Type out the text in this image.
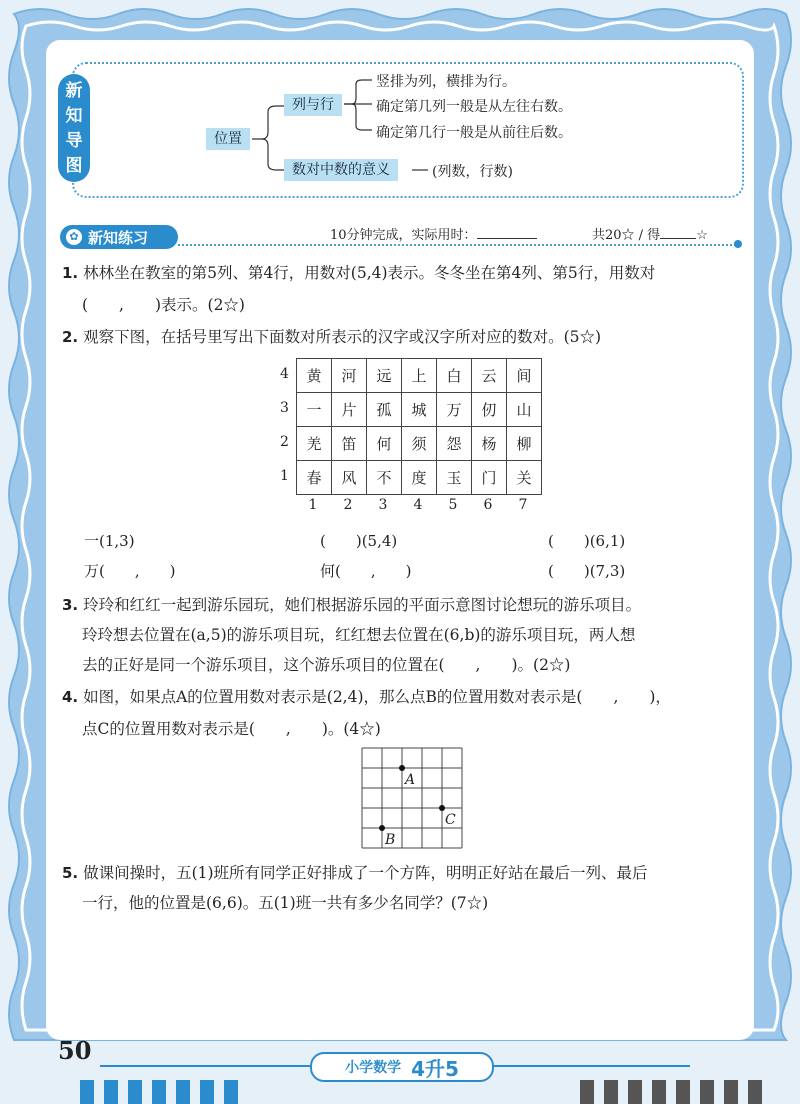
新
知
导
图
位置
列与行
数对中数的意义
竖排为列，横排为行。
确定第几列一般是从左往右数。
确定第几行一般是从前往后数。
(列数，行数)
✿ 新知练习	10分钟完成，实际用时：	共20☆ / 得	☆
1. 林林坐在教室的第5列、第4行，用数对(5,4)表示。冬冬坐在第4列、第5行，用数对
(　　,　　)表示。(2☆)
2. 观察下图，在括号里写出下面数对所表示的汉字或汉字所对应的数对。(5☆)
黄	河	远	上	白	云	间
一	片	孤	城	万	仞	山
羌	笛	何	须	怨	杨	柳
春	风	不	度	玉	门	关
4
3
2
1
1	2	3	4	5	6	7
一(1,3)	(　　)(5,4)	(　　)(6,1)
万(　　,　　)	何(　　,　　)	(　　)(7,3)
3. 玲玲和红红一起到游乐园玩，她们根据游乐园的平面示意图讨论想玩的游乐项目。
玲玲想去位置在(a,5)的游乐项目玩，红红想去位置在(6,b)的游乐项目玩，两人想
去的正好是同一个游乐项目，这个游乐项目的位置在(　　,　　)。(2☆)
4. 如图，如果点A的位置用数对表示是(2,4)，那么点B的位置用数对表示是(　　,　　)，
点C的位置用数对表示是(　　,　　)。(4☆)
A
B
C
5. 做课间操时，五(1)班所有同学正好排成了一个方阵，明明正好站在最后一列、最后
一行，他的位置是(6,6)。五(1)班一共有多少名同学？(7☆)
50
小学数学 4升5
